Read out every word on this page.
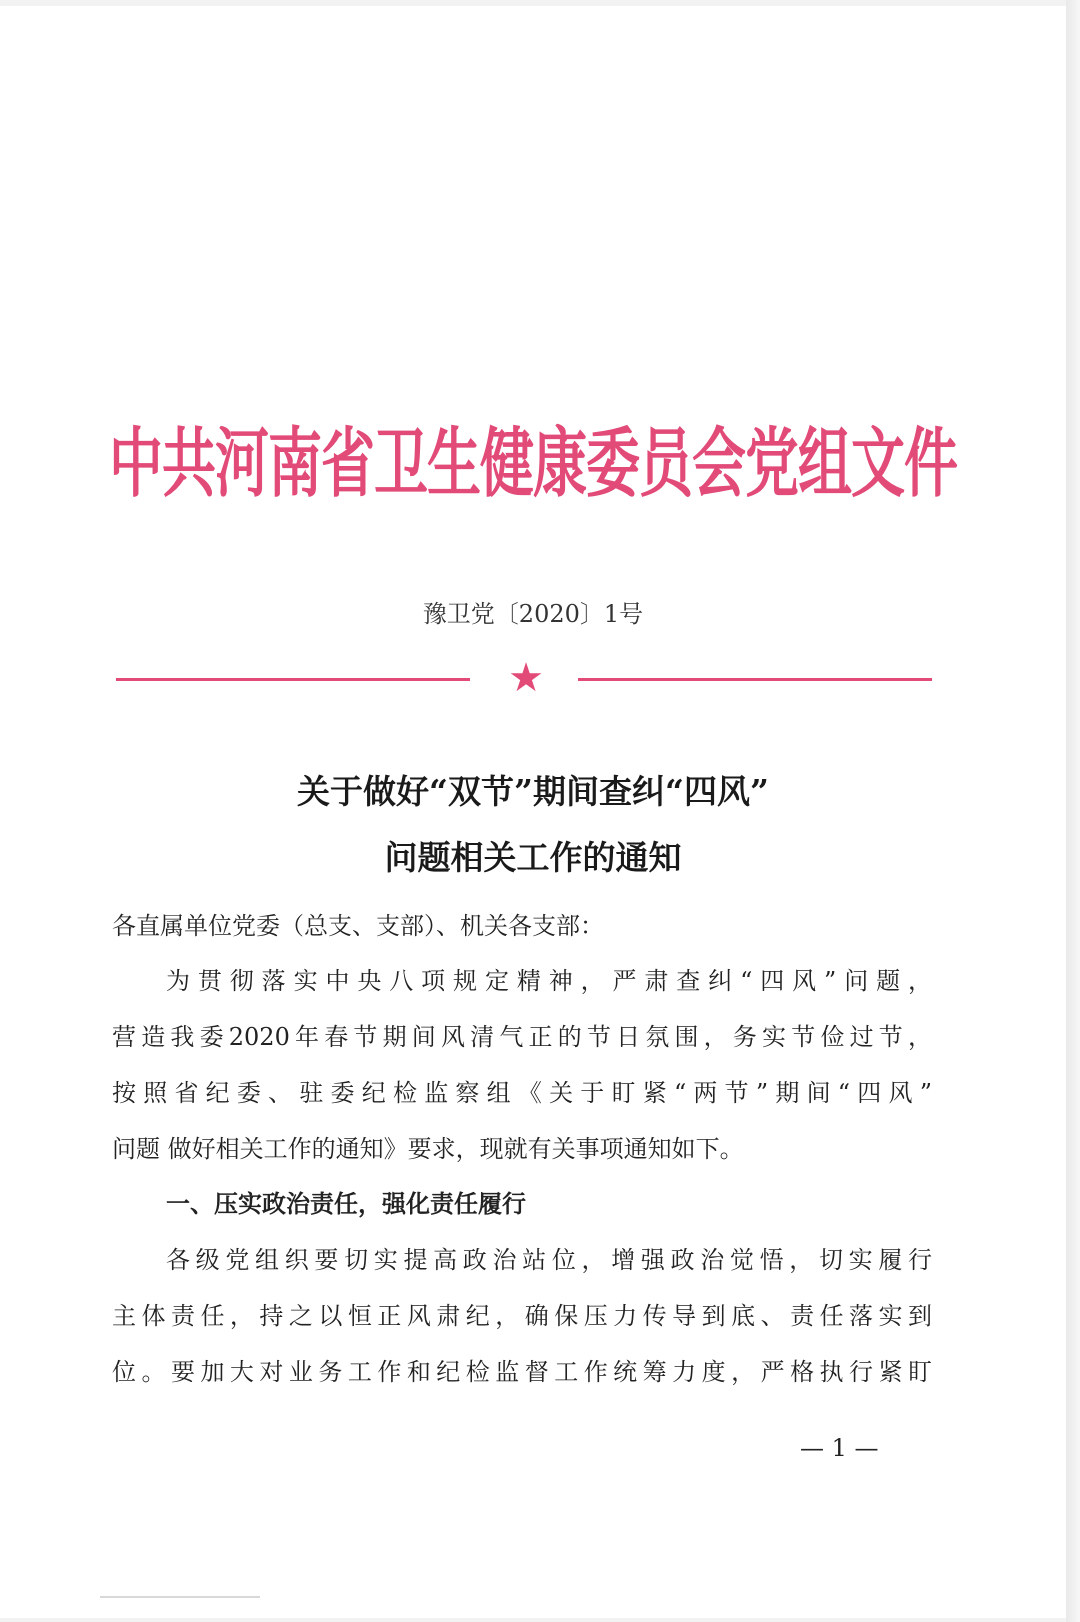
中共河南省卫生健康委员会党组文件
豫卫党〔2020〕1号
★
关于做好“双节”期间查纠“四风”
问题相关工作的通知
各直属单位党委（总支、支部）、机关各支部：
为贯彻落实中央八项规定精神，严肃查纠“四风”问题，
营造我委2020年春节期间风清气正的节日氛围，务实节俭过节，
按照省纪委、驻委纪检监察组《关于盯紧“两节”期间“四风”
问题 做好相关工作的通知》要求，现就有关事项通知如下。
一、压实政治责任，强化责任履行
各级党组织要切实提高政治站位，增强政治觉悟，切实履行
主体责任，持之以恒正风肃纪，确保压力传导到底、责任落实到
位。要加大对业务工作和纪检监督工作统筹力度，严格执行紧盯
— 1 —
